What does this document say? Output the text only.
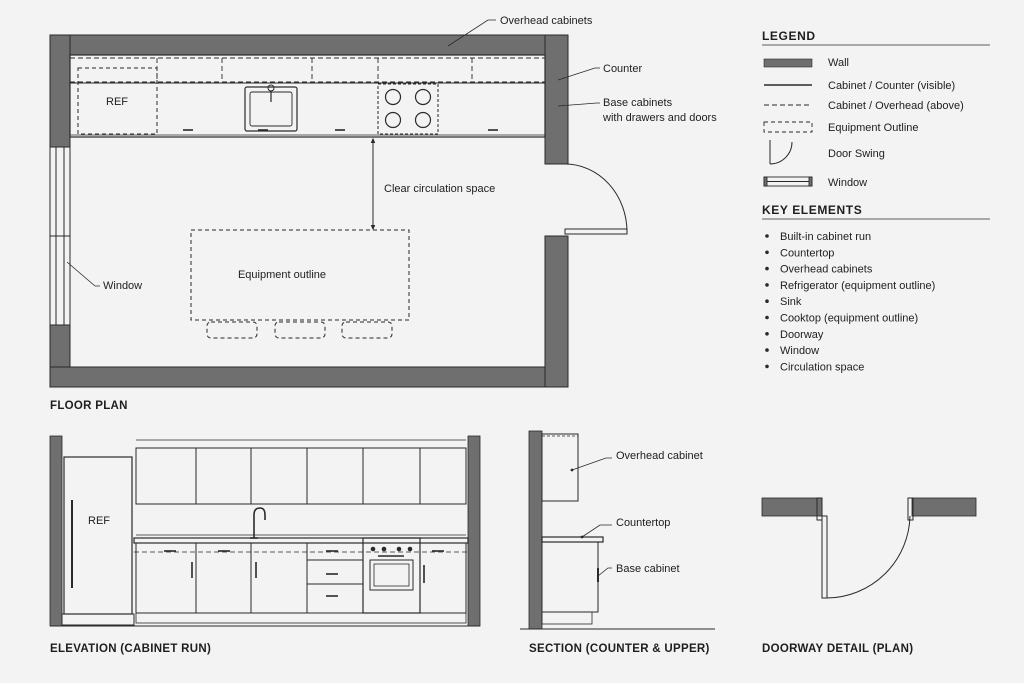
REF
Clear circulation space
Equipment outline
Overhead cabinets
Counter
Base cabinets
with drawers and doors
Window
FLOOR PLAN
LEGEND
Wall
Cabinet / Counter (visible)
Cabinet / Overhead (above)
Equipment Outline
Door Swing
Window
KEY ELEMENTS
Built-in cabinet run
Countertop
Overhead cabinets
Refrigerator (equipment outline)
Sink
Cooktop (equipment outline)
Doorway
Window
Circulation space
REF
ELEVATION (CABINET RUN)
Overhead cabinet
Countertop
Base cabinet
SECTION (COUNTER & UPPER)	DOORWAY DETAIL (PLAN)
